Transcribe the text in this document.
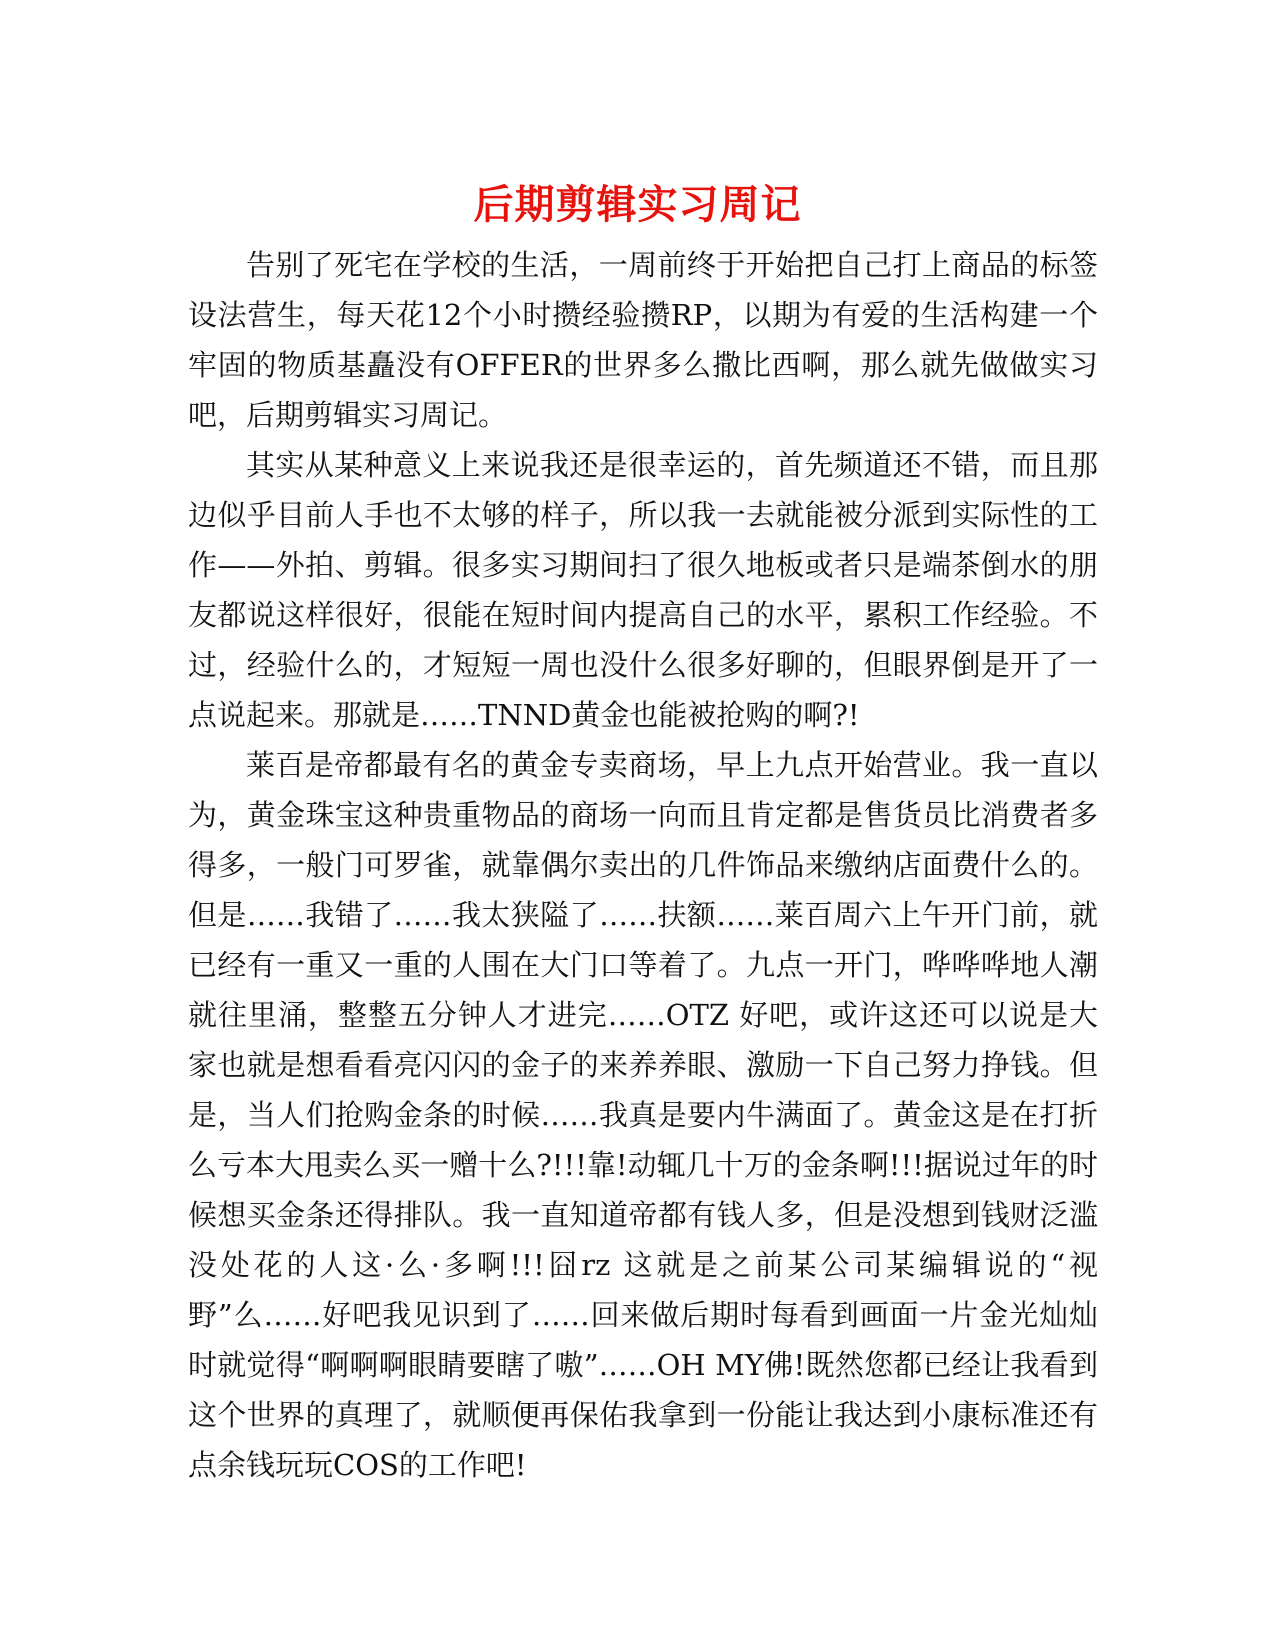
后期剪辑实习周记

告别了死宅在学校的生活，一周前终于开始把自己打上商品的标签设法营生，每天花12个小时攒经验攒RP，以期为有爱的生活构建一个牢固的物质基矗没有OFFER的世界多么撒比西啊，那么就先做做实习吧，后期剪辑实习周记。

其实从某种意义上来说我还是很幸运的，首先频道还不错，而且那边似乎目前人手也不太够的样子，所以我一去就能被分派到实际性的工作——外拍、剪辑。很多实习期间扫了很久地板或者只是端茶倒水的朋友都说这样很好，很能在短时间内提高自己的水平，累积工作经验。不过，经验什么的，才短短一周也没什么很多好聊的，但眼界倒是开了一点说起来。那就是……TNND黄金也能被抢购的啊?!

莱百是帝都最有名的黄金专卖商场，早上九点开始营业。我一直以为，黄金珠宝这种贵重物品的商场一向而且肯定都是售货员比消费者多得多，一般门可罗雀，就靠偶尔卖出的几件饰品来缴纳店面费什么的。但是……我错了……我太狭隘了……扶额……莱百周六上午开门前，就已经有一重又一重的人围在大门口等着了。九点一开门，哗哗哗地人潮就往里涌，整整五分钟人才进完……OTZ 好吧，或许这还可以说是大家也就是想看看亮闪闪的金子的来养养眼、激励一下自己努力挣钱。但是，当人们抢购金条的时候……我真是要内牛满面了。黄金这是在打折么亏本大甩卖么买一赠十么?!!!靠!动辄几十万的金条啊!!!据说过年的时候想买金条还得排队。我一直知道帝都有钱人多，但是没想到钱财泛滥没处花的人这·么·多啊!!!囧rz 这就是之前某公司某编辑说的“视野”么……好吧我见识到了……回来做后期时每看到画面一片金光灿灿时就觉得“啊啊啊眼睛要瞎了嗷”……OH MY佛!既然您都已经让我看到这个世界的真理了，就顺便再保佑我拿到一份能让我达到小康标准还有点余钱玩玩COS的工作吧!
